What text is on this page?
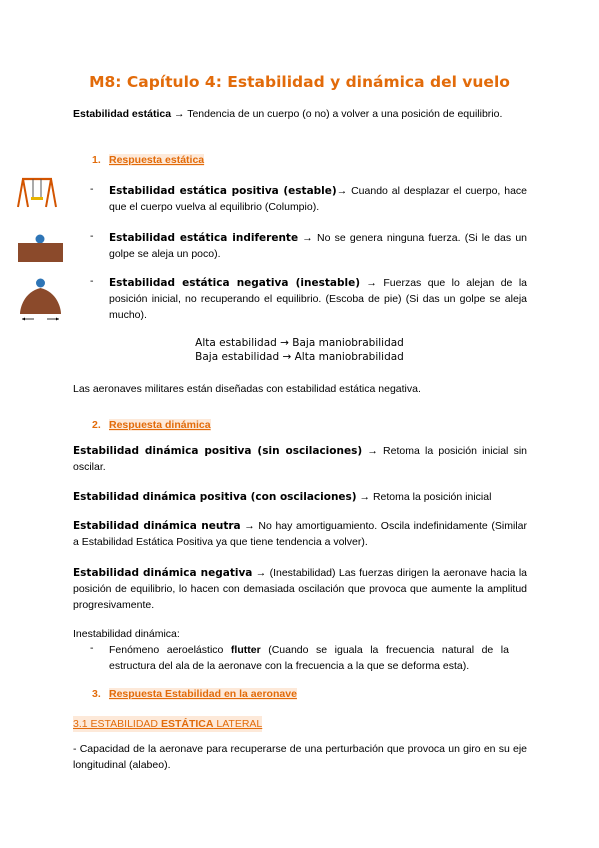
M8: Capítulo 4: Estabilidad y dinámica del vuelo
Estabilidad estática → Tendencia de un cuerpo (o no) a volver a una posición de equilibrio.
1. Respuesta estática
- Estabilidad estática positiva (estable)→ Cuando al desplazar el cuerpo, hace que el cuerpo vuelva al equilibrio (Columpio).
- Estabilidad estática indiferente → No se genera ninguna fuerza. (Si le das un golpe se aleja un poco).
- Estabilidad estática negativa (inestable) → Fuerzas que lo alejan de la posición inicial, no recuperando el equilibrio. (Escoba de pie) (Si das un golpe se aleja mucho).
Alta estabilidad → Baja maniobrabilidad
Baja estabilidad → Alta maniobrabilidad
Las aeronaves militares están diseñadas con estabilidad estática negativa.
2. Respuesta dinámica
Estabilidad dinámica positiva (sin oscilaciones) → Retoma la posición inicial sin oscilar.
Estabilidad dinámica positiva (con oscilaciones) → Retoma la posición inicial
Estabilidad dinámica neutra → No hay amortiguamiento. Oscila indefinidamente (Similar a Estabilidad Estática Positiva ya que tiene tendencia a volver).
Estabilidad dinámica negativa → (Inestabilidad) Las fuerzas dirigen la aeronave hacia la posición de equilibrio, lo hacen con demasiada oscilación que provoca que aumente la amplitud progresivamente.
Inestabilidad dinámica:
- Fenómeno aeroelástico flutter (Cuando se iguala la frecuencia natural de la estructura del ala de la aeronave con la frecuencia a la que se deforma esta).
3. Respuesta Estabilidad en la aeronave
3.1 ESTABILIDAD ESTÁTICA LATERAL
- Capacidad de la aeronave para recuperarse de una perturbación que provoca un giro en su eje longitudinal (alabeo).
